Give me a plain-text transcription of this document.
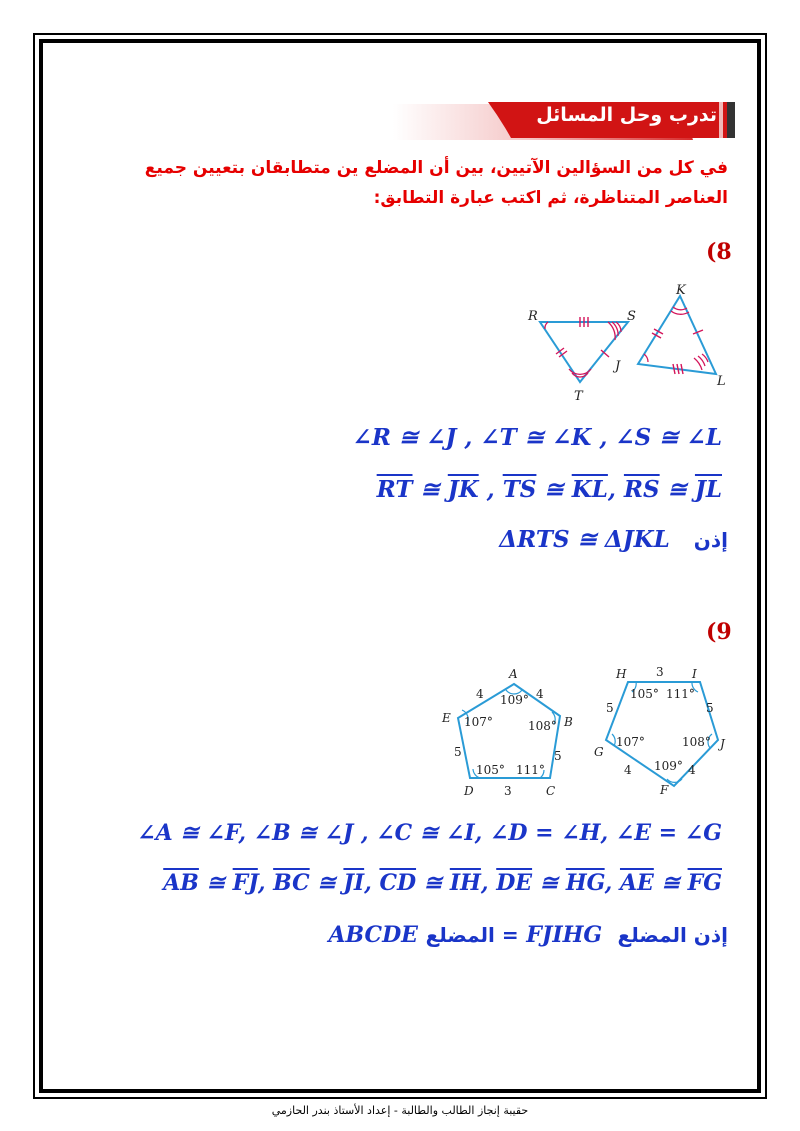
تدرب وحل المسائل
في كل من السؤالين الآتيين، بين أن المضلع ين متطابقان بتعيين جميع العناصر المتناظرة، ثم اكتب عبارة التطابق:
(8
R	S
T
K
J
L
∠R ≅ ∠J , ∠T ≅ ∠K , ∠S ≅ ∠L
$\overline{RT}$ ≅ $\overline{JK}$ , $\overline{TS}$ ≅ $\overline{KL}$, $\overline{RS}$ ≅ $\overline{JL}$
ΔRTS ≅ ΔJKL إذن
(9
A
B
C
D
E
4	4
5	5
3
109°
108°
111°
105°
107°
H	I
J
F
G
3
5	5
4	4
105° 111°
107°	108°
109°
∠A ≅ ∠F, ∠B ≅ ∠J , ∠C ≅ ∠I, ∠D = ∠H, ∠E = ∠G
$\overline{AB}$ ≅ $\overline{FJ}$, $\overline{BC}$ ≅ $\overline{JI}$, $\overline{CD}$ ≅ $\overline{IH}$, $\overline{DE}$ ≅ $\overline{HG}$, $\overline{AE}$ ≅ $\overline{FG}$
ABCDE = المضلع FJIHG إذن المضلع
حقيبة إنجاز الطالب والطالبة - إعداد الأستاذ بندر الحازمي
